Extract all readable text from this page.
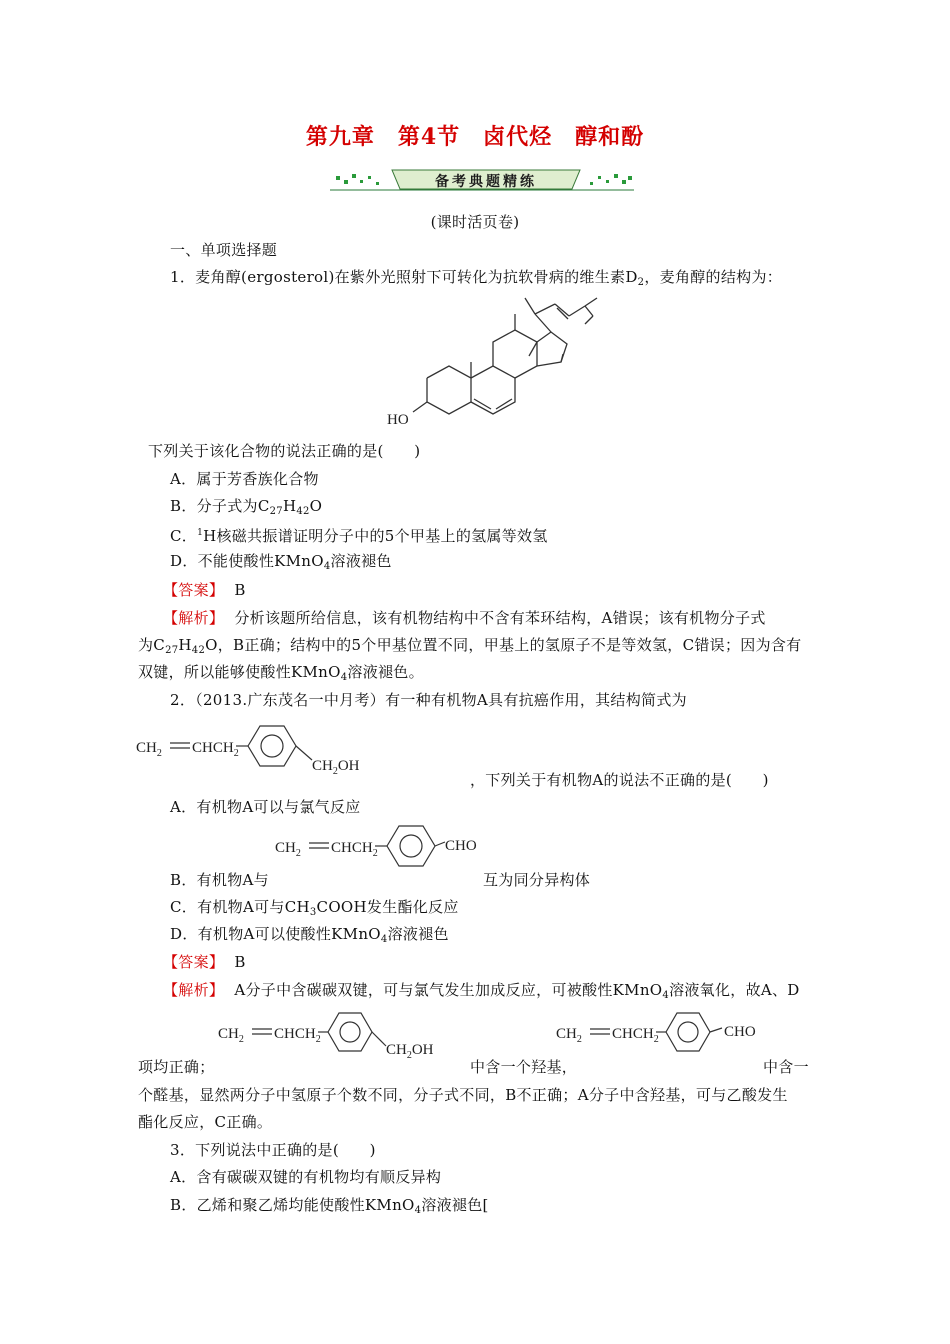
第九章　第4节　卤代烃　醇和酚
备考典题精练
(课时活页卷)
一、单项选择题
1．麦角醇(ergosterol)在紫外光照射下可转化为抗软骨病的维生素$D_2$，麦角醇的结构为：
HO
下列关于该化合物的说法正确的是(　　)
A．属于芳香族化合物
B．分子式为$C_{27}H_{42}O$
C．$^1$H核磁共振谱证明分子中的5个甲基上的氢属等效氢
D．不能使酸性KMnO$_4$溶液褪色
【答案】 B
【解析】 分析该题所给信息，该有机物结构中不含有苯环结构，A错误；该有机物分子式
为$C_{27}H_{42}O$，B正确；结构中的5个甲基位置不同，甲基上的氢原子不是等效氢，C错误；因为含有
双键，所以能够使酸性KMnO$_4$溶液褪色。
2．（2013.广东茂名一中月考）有一种有机物A具有抗癌作用，其结构简式为
$CH_2$ $CHCH_2$
$CH_2OH$
，下列关于有机物A的说法不正确的是(　　)
A．有机物A可以与氯气反应
$CH_2$ $CHCH_2$	CHO
B．有机物A与	互为同分异构体
C．有机物A可与$CH_3COOH$发生酯化反应
D．有机物A可以使酸性KMnO$_4$溶液褪色
【答案】 B
【解析】 A分子中含碳碳双键，可与氯气发生加成反应，可被酸性KMnO$_4$溶液氧化，故A、D
$CH_2$ $CHCH_2$
$CH_2OH$
$CH_2$ $CHCH_2$	CHO
项均正确；	中含一个羟基，	中含一
个醛基，显然两分子中氢原子个数不同，分子式不同，B不正确；A分子中含羟基，可与乙酸发生
酯化反应，C正确。
3．下列说法中正确的是(　　)
A．含有碳碳双键的有机物均有顺反异构
B．乙烯和聚乙烯均能使酸性KMnO$_4$溶液褪色[
